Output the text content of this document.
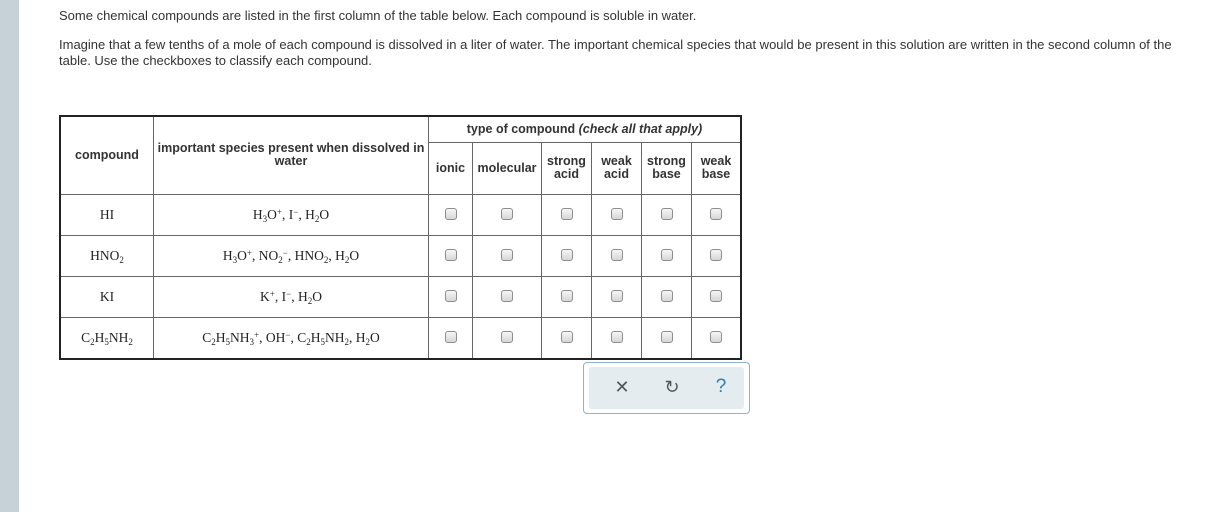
Some chemical compounds are listed in the first column of the table below. Each compound is soluble in water.

Imagine that a few tenths of a mole of each compound is dissolved in a liter of water. The important chemical species that would be present in this solution are written in the second column of the table. Use the checkboxes to classify each compound.

compound	important species present when dissolved in water	type of compound (check all that apply)					
		ionic	molecular	strong acid	weak acid	strong base	weak base
HI	$H_3O^+$, I−, $H_2O$						
$HNO_2$	$H_3O^+$, $NO_2^-$, $HNO_2$, $H_2O$						
KI	K+, I−, $H_2O$						
$C_2H_5NH_2$	$C_2H_5NH_3^+$, OH−, $C_2H_5NH_2$, $H_2O$						
✕ ↻	?
